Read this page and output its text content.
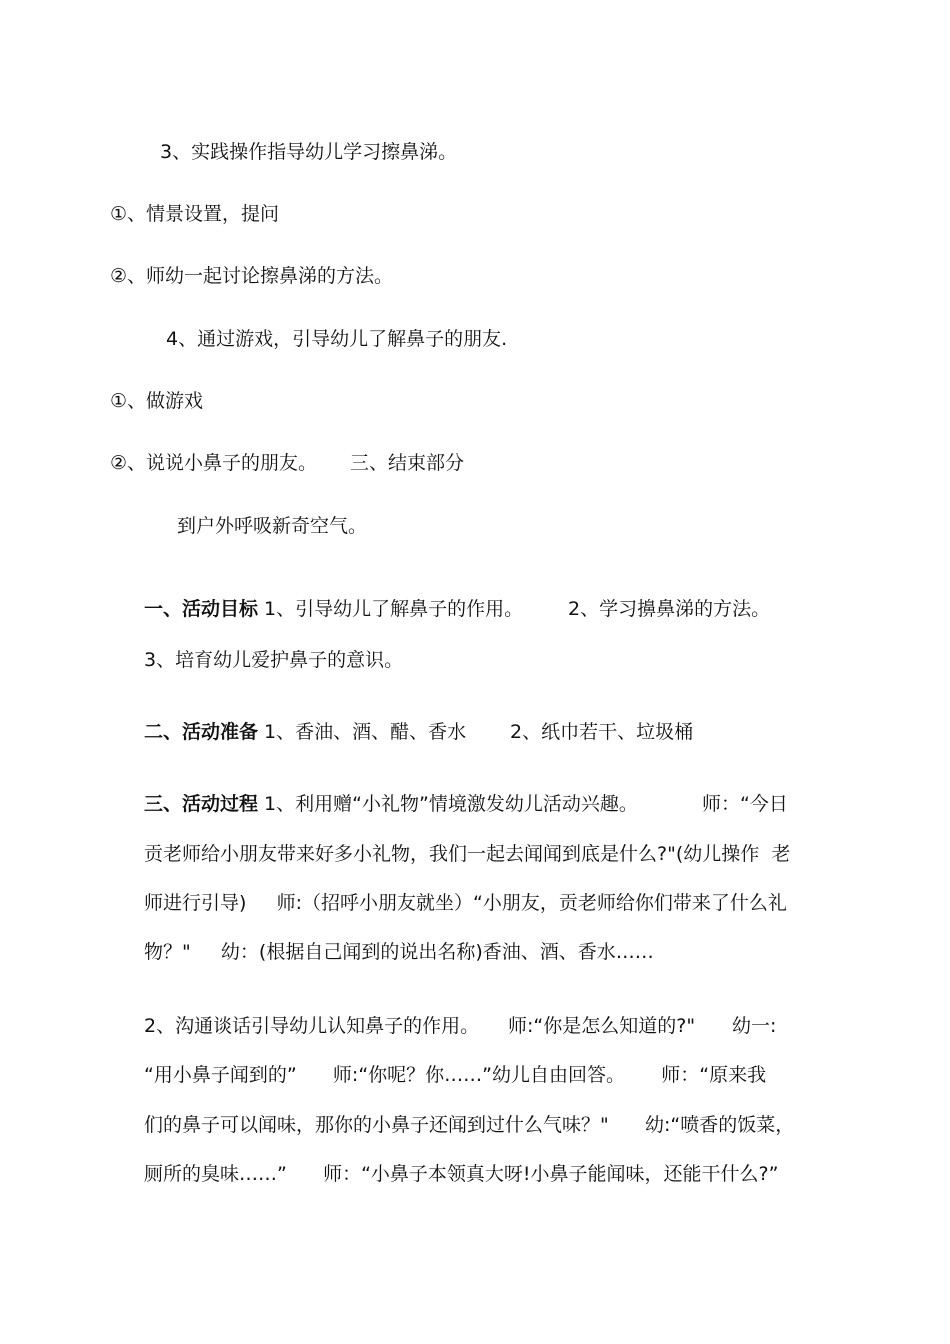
3、实践操作指导幼儿学习擦鼻涕。
①、情景设置，提问
②、师幼一起讨论擦鼻涕的方法。
4、通过游戏，引导幼儿了解鼻子的朋友.
①、做游戏
②、说说小鼻子的朋友。 三、结束部分
到户外呼吸新奇空气。
一、活动目标 1、引导幼儿了解鼻子的作用。 2、学习擤鼻涕的方法。
3、培育幼儿爱护鼻子的意识。
二、活动准备 1、香油、酒、醋、香水 2、纸巾若干、垃圾桶
三、活动过程 1、利用赠“小礼物”情境激发幼儿活动兴趣。	师：“今日
贡老师给小朋友带来好多小礼物，我们一起去闻闻到底是什么?"(幼儿操作  老
师进行引导)     师:（招呼小朋友就坐）“小朋友，贡老师给你们带来了什么礼
物？"     幼：(根据自己闻到的说出名称)香油、酒、香水……
2、沟通谈话引导幼儿认知鼻子的作用。 师:“你是怎么知道的?" 幼一:
“用小鼻子闻到的”      师:“你呢？你……”幼儿自由回答。      师：“原来我
们的鼻子可以闻味，那你的小鼻子还闻到过什么气味？"      幼:“喷香的饭菜，
厕所的臭味……”      师：“小鼻子本领真大呀!小鼻子能闻味，还能干什么?”
